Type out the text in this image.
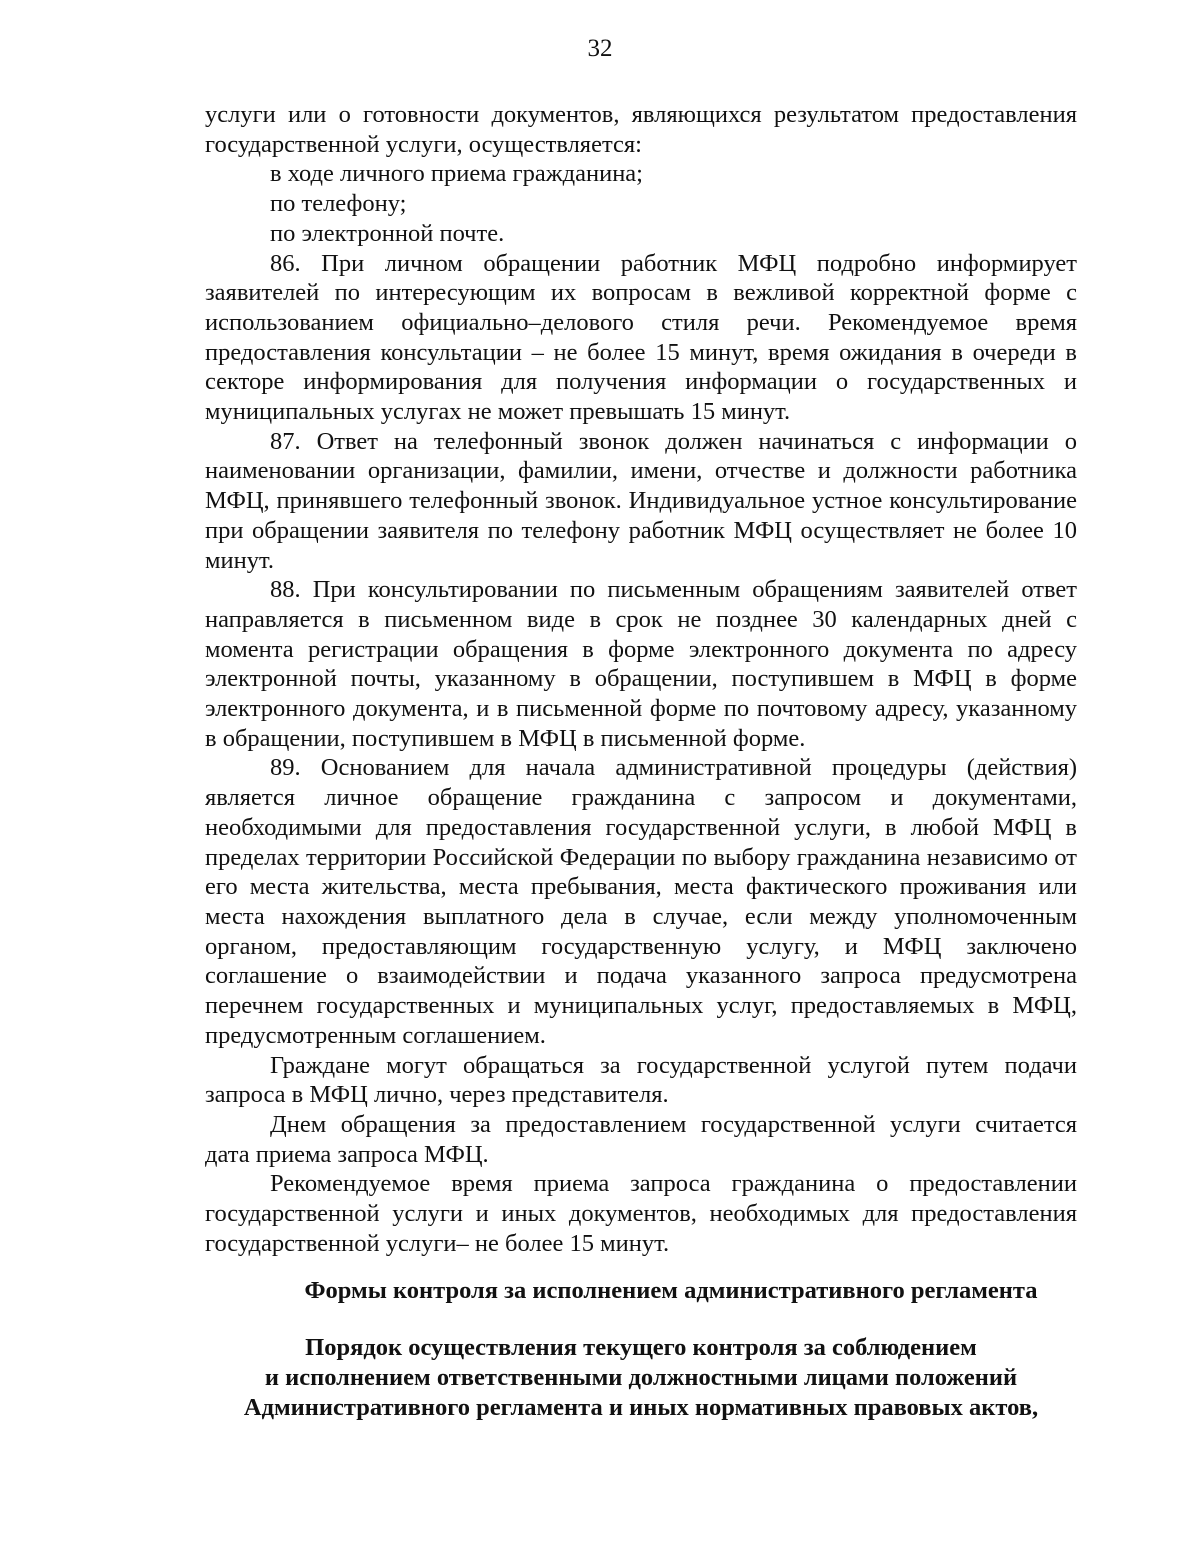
32

услуги или о готовности документов, являющихся результатом предоставления государственной услуги, осуществляется:

в ходе личного приема гражданина;

по телефону;

по электронной почте.

86. При личном обращении работник МФЦ подробно информирует заявителей по интересующим их вопросам в вежливой корректной форме с использованием официально–делового стиля речи. Рекомендуемое время предоставления консультации – не более 15 минут, время ожидания в очереди в секторе информирования для получения информации о государственных и муниципальных услугах не может превышать 15 минут.

87. Ответ на телефонный звонок должен начинаться с информации о наименовании организации, фамилии, имени, отчестве и должности работника МФЦ, принявшего телефонный звонок. Индивидуальное устное консультирование при обращении заявителя по телефону работник МФЦ осуществляет не более 10 минут.

88. При консультировании по письменным обращениям заявителей ответ направляется в письменном виде в срок не позднее 30 календарных дней с момента регистрации обращения в форме электронного документа по адресу электронной почты, указанному в обращении, поступившем в МФЦ в форме электронного документа, и в письменной форме по почтовому адресу, указанному в обращении, поступившем в МФЦ в письменной форме.

89. Основанием для начала административной процедуры (действия) является личное обращение гражданина с запросом и документами, необходимыми для предоставления государственной услуги, в любой МФЦ в пределах территории Российской Федерации по выбору гражданина независимо от его места жительства, места пребывания, места фактического проживания или места нахождения выплатного дела в случае, если между уполномоченным органом, предоставляющим государственную услугу, и МФЦ заключено соглашение о взаимодействии и подача указанного запроса предусмотрена перечнем государственных и муниципальных услуг, предоставляемых в МФЦ, предусмотренным соглашением.

Граждане могут обращаться за государственной услугой путем подачи запроса в МФЦ лично, через представителя.

Днем обращения за предоставлением государственной услуги считается дата приема запроса МФЦ.

Рекомендуемое время приема запроса гражданина о предоставлении государственной услуги и иных документов, необходимых для предоставления государственной услуги– не более 15 минут.

Формы контроля за исполнением административного регламента
Порядок осуществления текущего контроля за соблюдением
и исполнением ответственными должностными лицами положений
Административного регламента и иных нормативных правовых актов,
